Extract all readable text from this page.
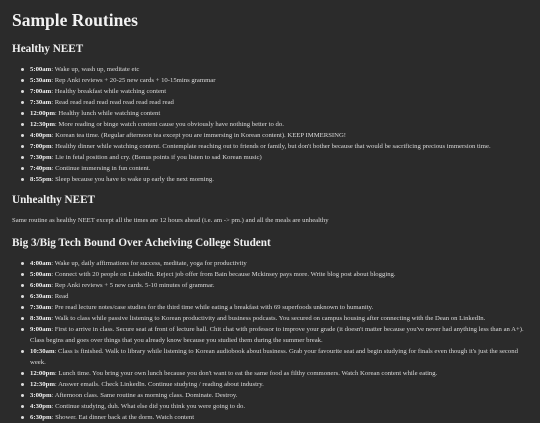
Sample Routines
Healthy NEET
5:00am: Wake up, wash up, meditate etc
5:30am: Rep Anki reviews + 20-25 new cards + 10-15mins grammar
7:00am: Healthy breakfast while watching content
7:30am: Read read read read read read read read read
12:00pm: Healthy lunch while watching content
12:30pm: More reading or binge watch content cause you obviously have nothing better to do.
4:00pm: Korean tea time. (Regular afternoon tea except you are immersing in Korean content). KEEP IMMERSING!
7:00pm: Healthy dinner while watching content. Contemplate reaching out to friends or family, but don't bother because that would be sacrificing precious immersion time.
7:30pm: Lie in fetal position and cry. (Bonus points if you listen to sad Korean music)
7:40pm: Continue immersing in fun content.
8:55pm: Sleep because you have to wake up early the next morning.
Unhealthy NEET

Same routine as healthy NEET except all the times are 12 hours ahead (i.e. am -> pm.) and all the meals are unhealthy

Big 3/Big Tech Bound Over Acheiving College Student
4:00am: Wake up, daily affirmations for success, meditate, yoga for productivity
5:00am: Connect with 20 people on LinkedIn. Reject job offer from Bain because Mckinsey pays more. Write blog post about blogging.
6:00am: Rep Anki reviews + 5 new cards. 5-10 minutes of grammar.
6:30am: Read
7:30am: Pre read lecture notes/case studies for the third time while eating a breakfast with 69 superfoods unknown to humanity.
8:30am: Walk to class while passive listening to Korean productivity and business podcasts. You secured on campus housing after connecting with the Dean on LinkedIn.
9:00am: First to arrive in class. Secure seat at front of lecture hall. Chit chat with professor to improve your grade (it doesn't matter because you've never had anything less than an A+). Class begins and goes over things that you already know because you studied them during the summer break.
10:30am: Class is finished. Walk to library while listening to Korean audiobook about business. Grab your favourite seat and begin studying for finals even though it's just the second week.
12:00pm: Lunch time. You bring your own lunch because you don't want to eat the same food as filthy commoners. Watch Korean content while eating.
12:30pm: Answer emails. Check LinkedIn. Continue studying / reading about industry.
3:00pm: Afternoon class. Same routine as morning class. Dominate. Destroy.
4:30pm: Continue studying, duh. What else did you think you were going to do.
6:30pm: Shower. Eat dinner back at the dorm. Watch content
